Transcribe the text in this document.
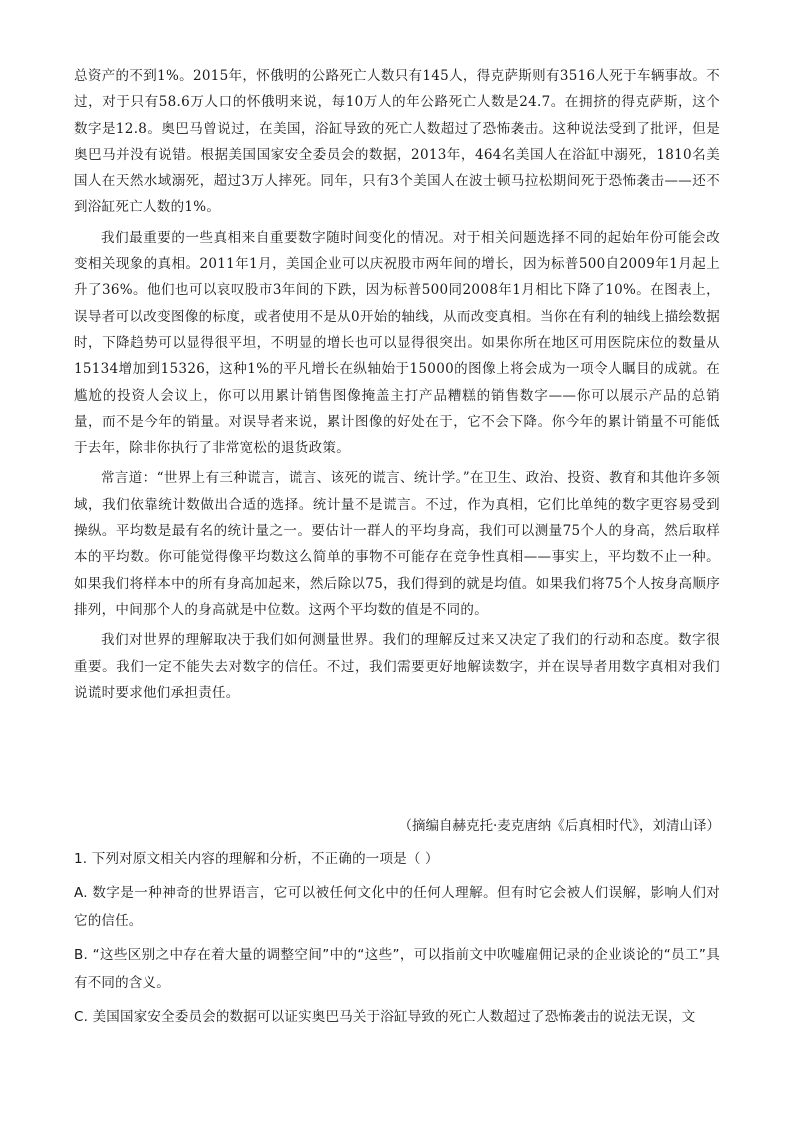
总资产的不到1%。2015年，怀俄明的公路死亡人数只有145人，得克萨斯则有3516人死于车辆事故。不过，对于只有58.6万人口的怀俄明来说，每10万人的年公路死亡人数是24.7。在拥挤的得克萨斯，这个数字是12.8。奥巴马曾说过，在美国，浴缸导致的死亡人数超过了恐怖袭击。这种说法受到了批评，但是奥巴马并没有说错。根据美国国家安全委员会的数据，2013年，464名美国人在浴缸中溺死，1810名美国人在天然水域溺死，超过3万人摔死。同年，只有3个美国人在波士顿马拉松期间死于恐怖袭击——还不到浴缸死亡人数的1%。

我们最重要的一些真相来自重要数字随时间变化的情况。对于相关问题选择不同的起始年份可能会改变相关现象的真相。2011年1月，美国企业可以庆祝股市两年间的增长，因为标普500自2009年1月起上升了36%。他们也可以哀叹股市3年间的下跌，因为标普500同2008年1月相比下降了10%。在图表上，误导者可以改变图像的标度，或者使用不是从0开始的轴线，从而改变真相。当你在有利的轴线上描绘数据时，下降趋势可以显得很平坦，不明显的增长也可以显得很突出。如果你所在地区可用医院床位的数量从15134增加到15326，这种1%的平凡增长在纵轴始于15000的图像上将会成为一项令人瞩目的成就。在尴尬的投资人会议上，你可以用累计销售图像掩盖主打产品糟糕的销售数字——你可以展示产品的总销量，而不是今年的销量。对误导者来说，累计图像的好处在于，它不会下降。你今年的累计销量不可能低于去年，除非你执行了非常宽松的退货政策。

常言道：“世界上有三种谎言，谎言、该死的谎言、统计学。”在卫生、政治、投资、教育和其他许多领域，我们依靠统计数做出合适的选择。统计量不是谎言。不过，作为真相，它们比单纯的数字更容易受到操纵。平均数是最有名的统计量之一。要估计一群人的平均身高，我们可以测量75个人的身高，然后取样本的平均数。你可能觉得像平均数这么简单的事物不可能存在竞争性真相——事实上，平均数不止一种。如果我们将样本中的所有身高加起来，然后除以75，我们得到的就是均值。如果我们将75个人按身高顺序排列，中间那个人的身高就是中位数。这两个平均数的值是不同的。

我们对世界的理解取决于我们如何测量世界。我们的理解反过来又决定了我们的行动和态度。数字很重要。我们一定不能失去对数字的信任。不过，我们需要更好地解读数字，并在误导者用数字真相对我们说谎时要求他们承担责任。

（摘编自赫克托·麦克唐纳《后真相时代》，刘清山译）

1. 下列对原文相关内容的理解和分析，不正确的一项是（ ）

A. 数字是一种神奇的世界语言，它可以被任何文化中的任何人理解。但有时它会被人们误解，影响人们对它的信任。

B. “这些区别之中存在着大量的调整空间”中的“这些”，可以指前文中吹嘘雇佣记录的企业谈论的“员工”具有不同的含义。

C. 美国国家安全委员会的数据可以证实奥巴马关于浴缸导致的死亡人数超过了恐怖袭击的说法无误，文
